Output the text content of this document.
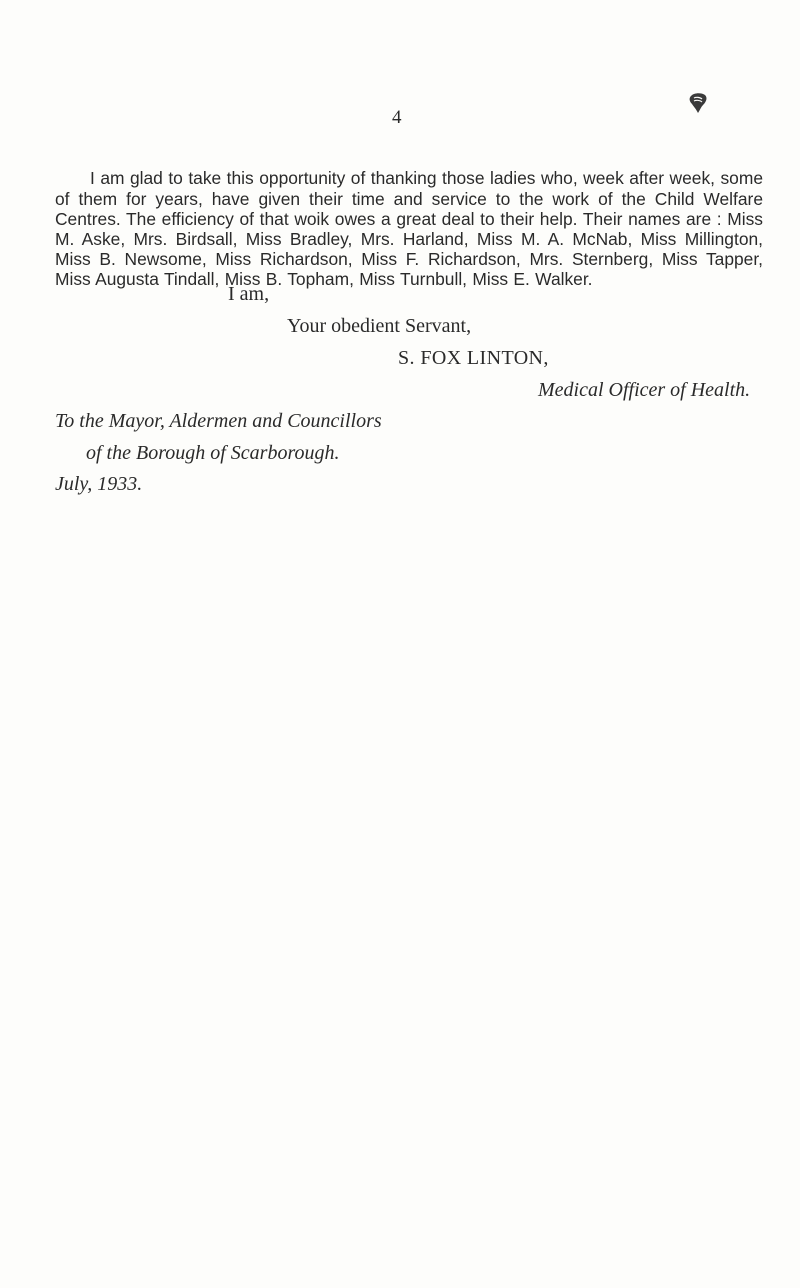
4

I am glad to take this opportunity of thanking those ladies who, week after week, some of them for years, have given their time and service to the work of the Child Welfare Centres. The efficiency of that woik owes a great deal to their help. Their names are : Miss M. Aske, Mrs. Birdsall, Miss Bradley, Mrs. Harland, Miss M. A. McNab, Miss Millington, Miss B. Newsome, Miss Richardson, Miss F. Richardson, Mrs. Sternberg, Miss Tapper, Miss Augusta Tindall, Miss B. Topham, Miss Turnbull, Miss E. Walker.

I am,
Your obedient Servant,
S. FOX LINTON,
Medical Officer of Health.
To the Mayor, Aldermen and Councillors
of the Borough of Scarborough.
July, 1933.
